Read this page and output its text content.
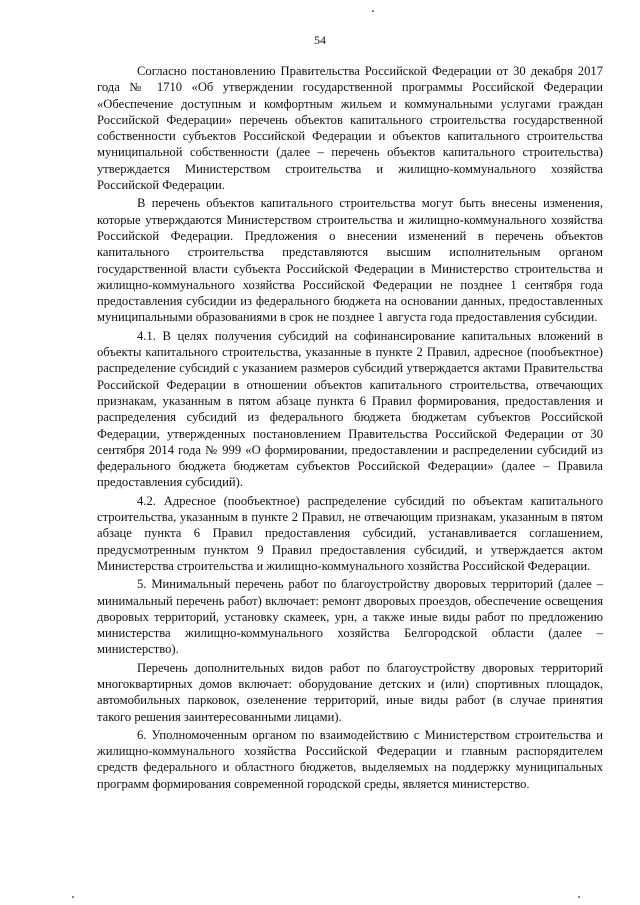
54

Согласно постановлению Правительства Российской Федерации от 30 декабря 2017 года № 1710 «Об утверждении государственной программы Российской Федерации «Обеспечение доступным и комфортным жильем и коммунальными услугами граждан Российской Федерации» перечень объектов капитального строительства государственной собственности субъектов Российской Федерации и объектов капитального строительства муниципальной собственности (далее – перечень объектов капитального строительства) утверждается Министерством строительства и жилищно-коммунального хозяйства Российской Федерации.

В перечень объектов капитального строительства могут быть внесены изменения, которые утверждаются Министерством строительства и жилищно-коммунального хозяйства Российской Федерации. Предложения о внесении изменений в перечень объектов капитального строительства представляются высшим исполнительным органом государственной власти субъекта Российской Федерации в Министерство строительства и жилищно-коммунального хозяйства Российской Федерации не позднее 1 сентября года предоставления субсидии из федерального бюджета на основании данных, предоставленных муниципальными образованиями в срок не позднее 1 августа года предоставления субсидии.

4.1. В целях получения субсидий на софинансирование капитальных вложений в объекты капитального строительства, указанные в пункте 2 Правил, адресное (пообъектное) распределение субсидий с указанием размеров субсидий утверждается актами Правительства Российской Федерации в отношении объектов капитального строительства, отвечающих признакам, указанным в пятом абзаце пункта 6 Правил формирования, предоставления и распределения субсидий из федерального бюджета бюджетам субъектов Российской Федерации, утвержденных постановлением Правительства Российской Федерации от 30 сентября 2014 года № 999 «О формировании, предоставлении и распределении субсидий из федерального бюджета бюджетам субъектов Российской Федерации» (далее – Правила предоставления субсидий).

4.2. Адресное (пообъектное) распределение субсидий по объектам капитального строительства, указанным в пункте 2 Правил, не отвечающим признакам, указанным в пятом абзаце пункта 6 Правил предоставления субсидий, устанавливается соглашением, предусмотренным пунктом 9 Правил предоставления субсидий, и утверждается актом Министерства строительства и жилищно-коммунального хозяйства Российской Федерации.

5. Минимальный перечень работ по благоустройству дворовых территорий (далее – минимальный перечень работ) включает: ремонт дворовых проездов, обеспечение освещения дворовых территорий, установку скамеек, урн, а также иные виды работ по предложению министерства жилищно-коммунального хозяйства Белгородской области (далее – министерство).

Перечень дополнительных видов работ по благоустройству дворовых территорий многоквартирных домов включает: оборудование детских и (или) спортивных площадок, автомобильных парковок, озеленение территорий, иные виды работ (в случае принятия такого решения заинтересованными лицами).

6. Уполномоченным органом по взаимодействию с Министерством строительства и жилищно-коммунального хозяйства Российской Федерации и главным распорядителем средств федерального и областного бюджетов, выделяемых на поддержку муниципальных программ формирования современной городской среды, является министерство.
